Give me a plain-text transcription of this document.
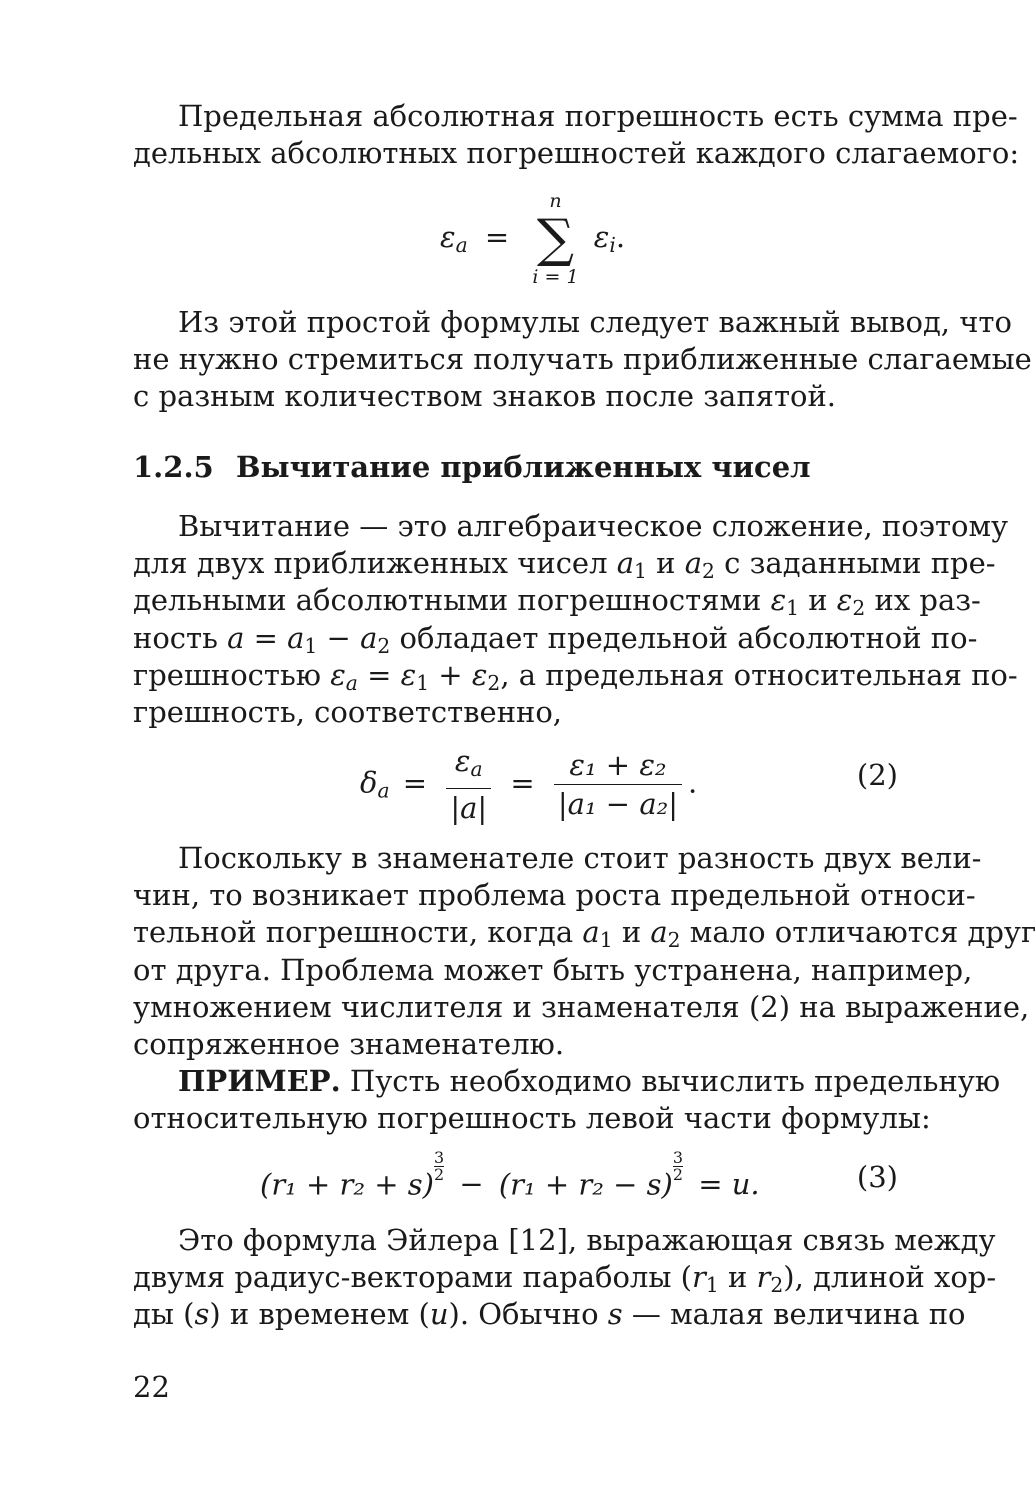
Предельная абсолютная погрешность есть сумма пре-
дельных абсолютных погрешностей каждого слагаемого:
εa =
n
∑
i = 1
εi.
Из этой простой формулы следует важный вывод, что
не нужно стремиться получать приближенные слагаемые
с разным количеством знаков после запятой.
1.2.5 Вычитание приближенных чисел
Вычитание — это алгебраическое сложение, поэтому
для двух приближенных чисел $a_1$ и $a_2$ с заданными пре-
дельными абсолютными погрешностями $\varepsilon_1$ и $\varepsilon_2$ их раз-
ность $a = a_1 - a_2$ обладает предельной абсолютной по-
грешностью $\varepsilon a = \varepsilon_1 + \varepsilon_2$, а предельная относительная по-
грешность, соответственно,
$\delta a = \frac{\varepsilon a}{|a|} = \frac{\text{ε₁ + ε₂}}{\text{|a₁ − a₂|}}$ .	(2)
Поскольку в знаменателе стоит разность двух вели-
чин, то возникает проблема роста предельной относи-
тельной погрешности, когда $a_1$ и $a_2$ мало отличаются друг
от друга. Проблема может быть устранена, например,
умножением числителя и знаменателя (2) на выражение,
сопряженное знаменателю.
ПРИМЕР. Пусть необходимо вычислить предельную
относительную погрешность левой части формулы:
(r₁ + r₂ + s)
$^{\frac{3}{2}}$
− (r₁ + r₂ − s)
$^{\frac{3}{2}}$
= u.	(3)
Это формула Эйлера [12], выражающая связь между
двумя радиус-векторами параболы ($r_1$ и $r_2$), длиной хор-
ды (s) и временем (u). Обычно s — малая величина по
22
